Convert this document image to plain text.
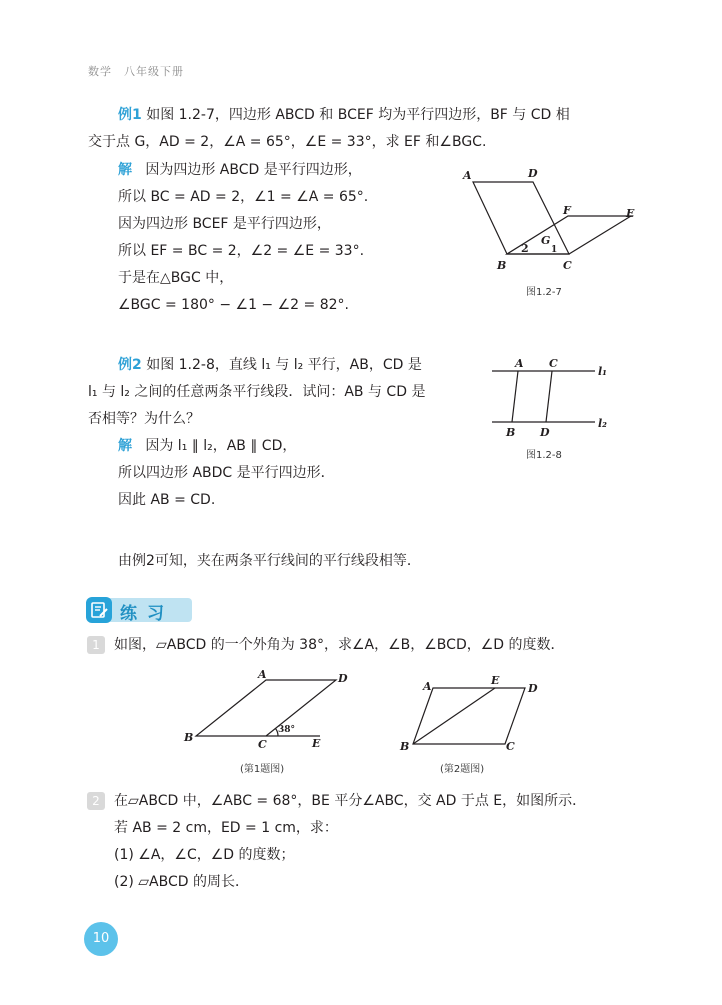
数学　八年级下册
例1 如图 1.2-7，四边形 ABCD 和 BCEF 均为平行四边形，BF 与 CD 相
交于点 G，AD = 2，∠A = 65°，∠E = 33°，求 EF 和∠BGC.
解 因为四边形 ABCD 是平行四边形，
所以 BC = AD = 2，∠1 = ∠A = 65°.
因为四边形 BCEF 是平行四边形，
所以 EF = BC = 2，∠2 = ∠E = 33°.
于是在△BGC 中，
∠BGC = 180° − ∠1 − ∠2 = 82°.
A	D
F	E
G
B	C
1
2
图1.2-7
例2 如图 1.2-8，直线 l₁ 与 l₂ 平行，AB，CD 是
l₁ 与 l₂ 之间的任意两条平行线段．试问：AB 与 CD 是
否相等？为什么？
解 因为 l₁ ∥ l₂，AB ∥ CD，
所以四边形 ABDC 是平行四边形．
因此 AB = CD.
A C
B D
l₁
l₂
图1.2-8
由例2可知，夹在两条平行线间的平行线段相等．
练习
1	如图，▱ABCD 的一个外角为 38°，求∠A，∠B，∠BCD，∠D 的度数．
A	D
B
C	E
38°
(第1题图)
A	E
D
B	C
(第2题图)
2	在▱ABCD 中，∠ABC = 68°，BE 平分∠ABC，交 AD 于点 E，如图所示．
若 AB = 2 cm，ED = 1 cm，求：
(1) ∠A，∠C，∠D 的度数；
(2) ▱ABCD 的周长．
10
